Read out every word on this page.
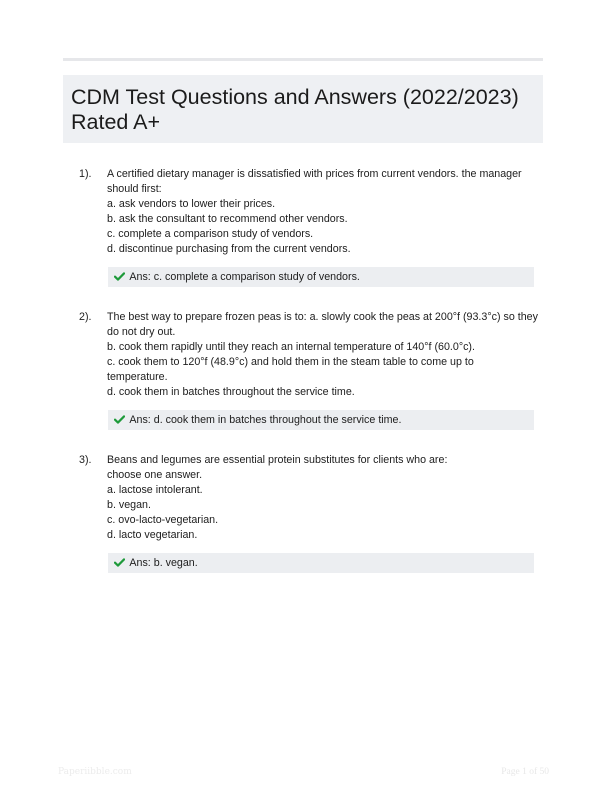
CDM Test Questions and Answers (2022/2023)
Rated A+
1).	A certified dietary manager is dissatisfied with prices from current vendors. the manager
should first:
a. ask vendors to lower their prices.
b. ask the consultant to recommend other vendors.
c. complete a comparison study of vendors.
d. discontinue purchasing from the current vendors.
Ans: c. complete a comparison study of vendors.
2).	The best way to prepare frozen peas is to: a. slowly cook the peas at 200°f (93.3°c) so they
do not dry out.
b. cook them rapidly until they reach an internal temperature of 140°f (60.0°c).
c. cook them to 120°f (48.9°c) and hold them in the steam table to come up to
temperature.
d. cook them in batches throughout the service time.
Ans: d. cook them in batches throughout the service time.
3).	Beans and legumes are essential protein substitutes for clients who are:
choose one answer.
a. lactose intolerant.
b. vegan.
c. ovo-lacto-vegetarian.
d. lacto vegetarian.
Ans: b. vegan.
Paperiibble.com	Page 1 of 50
